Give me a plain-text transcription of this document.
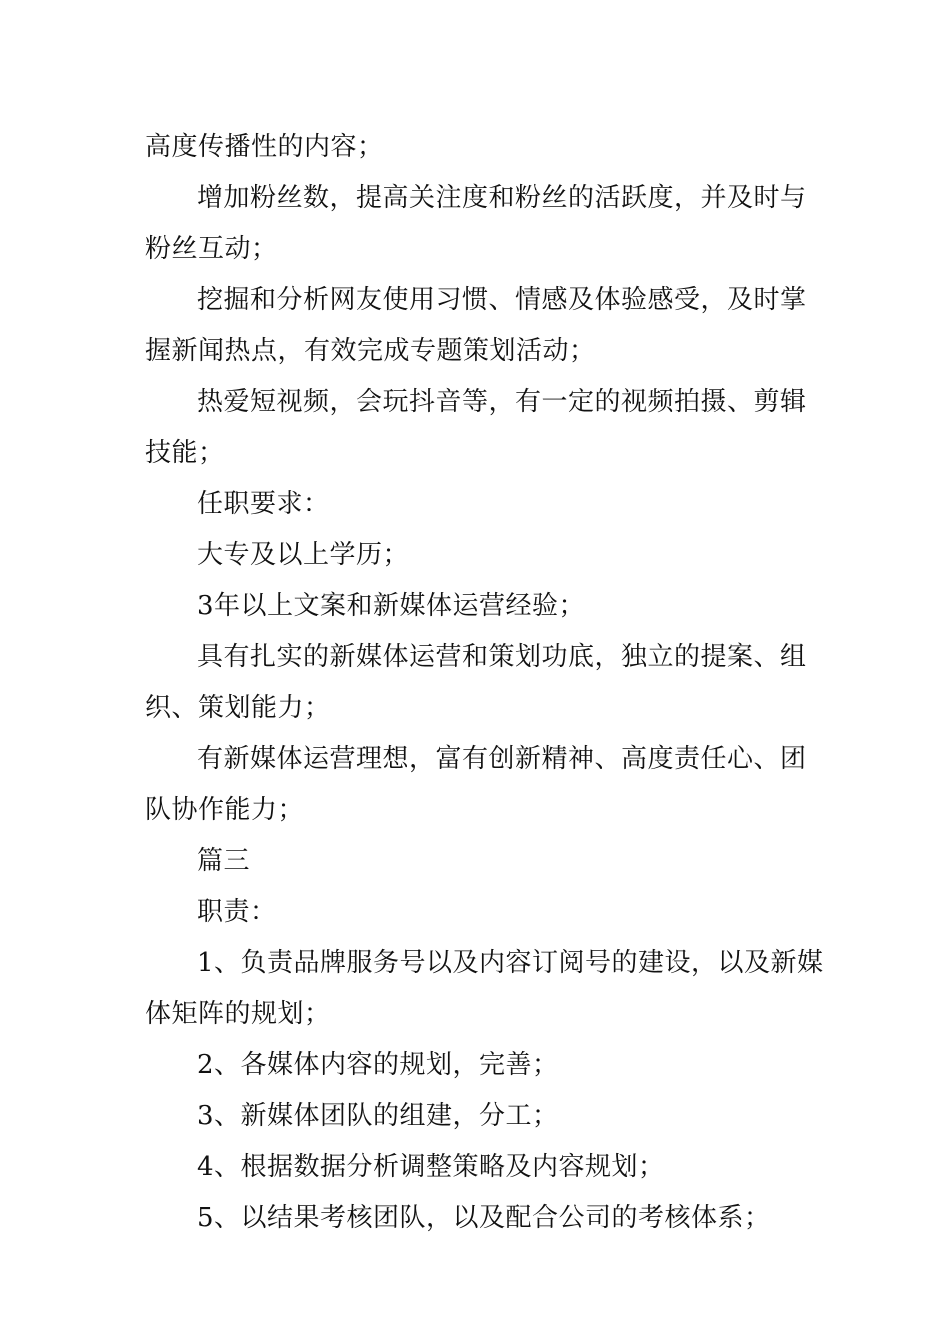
高度传播性的内容；
增加粉丝数，提高关注度和粉丝的活跃度，并及时与
粉丝互动；
挖掘和分析网友使用习惯、情感及体验感受，及时掌
握新闻热点，有效完成专题策划活动；
热爱短视频，会玩抖音等，有一定的视频拍摄、剪辑
技能；
任职要求：
大专及以上学历；
3年以上文案和新媒体运营经验；
具有扎实的新媒体运营和策划功底，独立的提案、组
织、策划能力；
有新媒体运营理想，富有创新精神、高度责任心、团
队协作能力；
篇三
职责：
1、负责品牌服务号以及内容订阅号的建设，以及新媒
体矩阵的规划；
2、各媒体内容的规划，完善；
3、新媒体团队的组建，分工；
4、根据数据分析调整策略及内容规划；
5、以结果考核团队，以及配合公司的考核体系；
